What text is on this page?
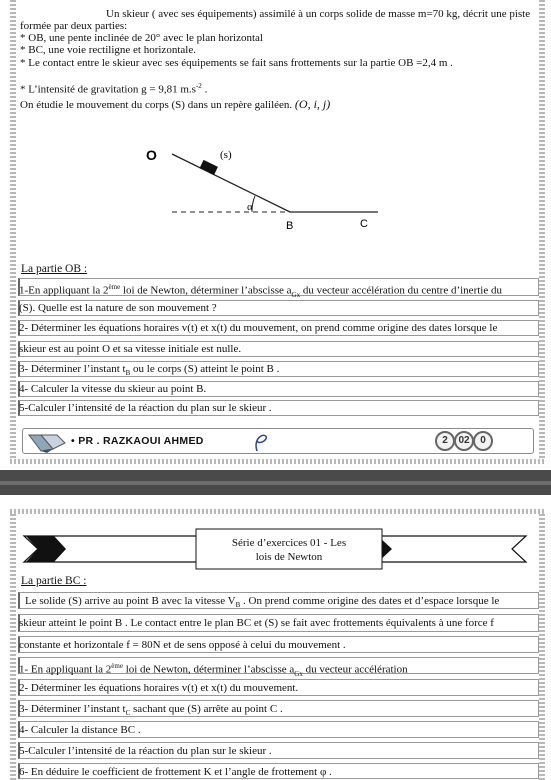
Un skieur ( avec ses équipements) assimilé à un corps solide de masse m=70 kg, décrit une piste
formée par deux parties:
* OB, une pente inclinée de 20° avec le plan horizontal
* BC, une voie rectiligne et horizontale.
* Le contact entre le skieur avec ses équipements se fait sans frottements sur la partie OB =2,4 m .
* L’intensité de gravitation g = 9,81 $m.s^{-2}$ .
On étudie le mouvement du corps (S) dans un repère galiléen. (O, i, j)
O	(s)
α
B	C
La partie OB :
1-En appliquant la 2ème loi de Newton, déterminer l’abscisse $a_{Gx}$ du vecteur accélération du centre d’inertie du
(S). Quelle est la nature de son mouvement ?
2- Déterminer les équations horaires v(t) et x(t) du mouvement, on prend comme origine des dates lorsque le
skieur est au point O et sa vitesse initiale est nulle.
3- Déterminer l’instant $t_B$ ou le corps (S) atteint le point B .
4- Calculer la vitesse du skieur au point B.
5-Calculer l’intensité de la réaction du plan sur le skieur .
• PR . RAZKAOUI AHMED	2	02	0
Série d’exercices 01 - Les
lois de Newton
La partie BC :
Le solide (S) arrive au point B avec la vitesse $V_B$ . On prend comme origine des dates et d’espace lorsque le
skieur atteint le point B . Le contact entre le plan BC et (S) se fait avec frottements équivalents à une force f
constante et horizontale f = 80N et de sens opposé à celui du mouvement .
1- En appliquant la 2ème loi de Newton, déterminer l’abscisse $a_{Gx}$ du vecteur accélération
2- Déterminer les équations horaires v(t) et x(t) du mouvement.
3- Déterminer l’instant $t_C$ sachant que (S) arrête au point C .
4- Calculer la distance BC .
5-Calculer l’intensité de la réaction du plan sur le skieur .
6- En déduire le coefficient de frottement K et l’angle de frottement φ .
